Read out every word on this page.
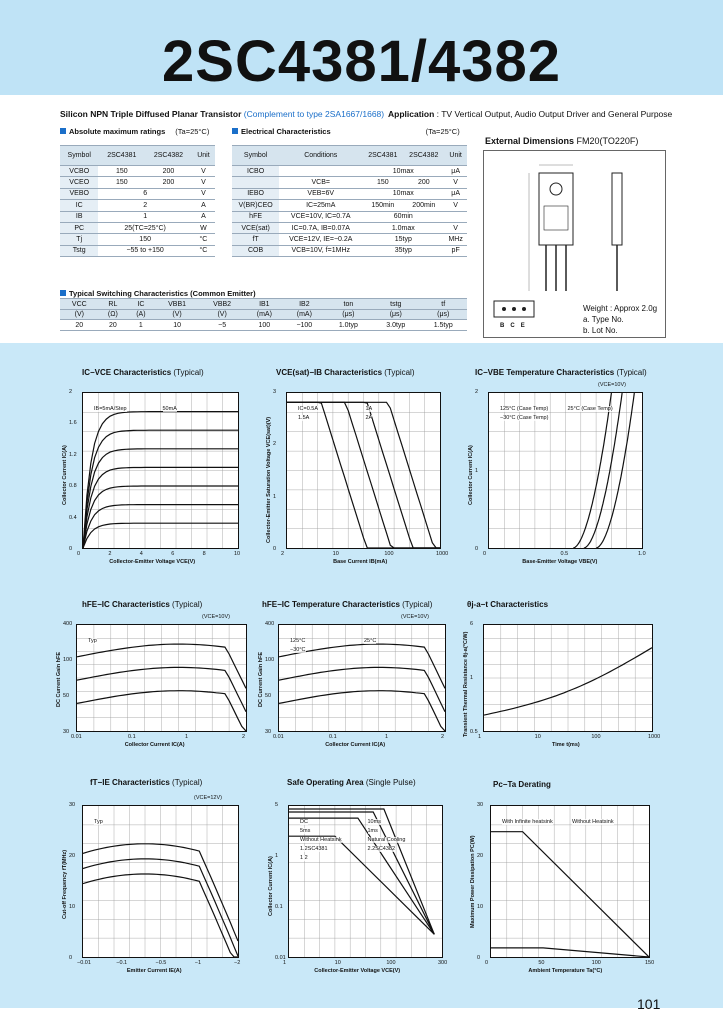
2SC4381/4382
Silicon NPN Triple Diffused Planar Transistor (Complement to type 2SA1667/1668) Application : TV Vertical Output, Audio Output Driver and General Purpose
Absolute maximum ratings (Ta=25°C)
Symbol	2SC4381	2SC4382	Unit
VCBO	150	200	V
VCEO	150	200	V
VEBO	6		V
IC	2		A
IB	1		A
PC	25(TC=25°C)		W
Tj	150		°C
Tstg	−55 to +150		°C
Electrical Characteristics	(Ta=25°C)
Symbol	Conditions	2SC4381	2SC4382	Unit
ICBO		10max		μA
	VCB=	150	200	V
IEBO	VEB=6V	10max		μA
V(BR)CEO	IC=25mA	150min	200min	V
hFE	VCE=10V, IC=0.7A	60min		
VCE(sat)	IC=0.7A, IB=0.07A	1.0max		V
fT	VCE=12V, IE=−0.2A	15typ		MHz
COB	VCB=10V, f=1MHz	35typ		pF
Typical Switching Characteristics (Common Emitter)
VCC	RL	IC	VBB1	VBB2	IB1	IB2	ton	tstg	tf
(V)	(Ω)	(A)	(V)	(V)	(mA)	(mA)	(μs)	(μs)	(μs)
20	20	1	10	−5	100	−100	1.0typ	3.0typ	1.5typ
External Dimensions FM20(TO220F)
BCE
Weight : Approx 2.0g
a. Type No.
b. Lot No.
IC−VCE Characteristics (Typical)
0	2	4	6	8	10
2
1.6
1.2
0.8
0.4
0
Collector-Emitter Voltage VCE(V)
Collector Current IC(A)
IB=5mA/Step	50mA
VCE(sat)−IB Characteristics (Typical)
2	10	100	1000
3
2
1
0
Base Current IB(mA)
Collector-Emitter Saturation Voltage VCE(sat)(V)
IC=0.5A	1A
1.5A	2A
IC−VBE Temperature Characteristics (Typical)
(VCE=10V)
0	0.5	1.0
2
1
0
Base-Emitter Voltage VBE(V)
Collector Current IC(A)
125°C (Case Temp)	25°C (Case Temp)
−30°C (Case Temp)
hFE−IC Characteristics (Typical)
(VCE=10V)
0.01	0.1	1	2
400
100
50
30
Collector Current IC(A)
DC Current Gain hFE
Typ
hFE−IC Temperature Characteristics (Typical)
(VCE=10V)
0.01	0.1	1	2
400
100
50
30
Collector Current IC(A)
DC Current Gain hFE
125°C	25°C
−30°C
θj-a−t Characteristics
1	10	100	1000
6
1
0.5
Time t(ms)
Transient Thermal Resistance θj-a(°C/W)
fT−IE Characteristics (Typical)
(VCE=12V)
−0.01	−0.1	−0.5	−1	−2
30
20
10
0
Emitter Current IE(A)
Cut-off Frequency fT(MHz)
Typ
Safe Operating Area (Single Pulse)
1	10	100	300
5
1
0.1
0.01
Collector-Emitter Voltage VCE(V)
Collector Current IC(A)
DC	10ms
5ms	1ms
Without Heatsink	Natural Cooling
1.2SC4381	2.2SC4382
1 2
Pc−Ta Derating
0	50	100	150
30
20
10
0
Ambient Temperature Ta(°C)
Maximum Power Dissipation PC(W)
With Infinite heatsink	Without Heatsink
101
